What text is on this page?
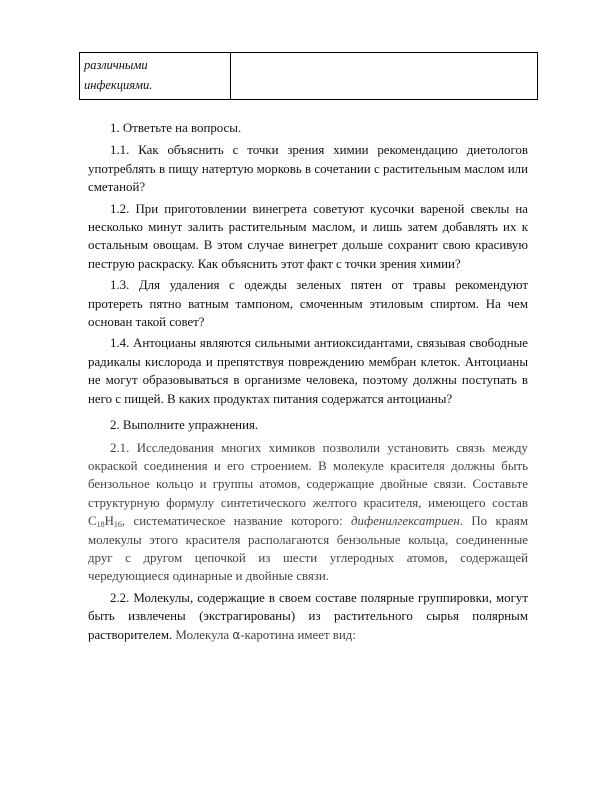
различными
инфекциями.

1. Ответьте на вопросы.

1.1. Как объяснить с точки зрения химии рекомендацию диетологов употреблять в пищу натертую морковь в сочетании с растительным маслом или сметаной?

1.2. При приготовлении винегрета советуют кусочки вареной свеклы на несколько минут залить растительным маслом, и лишь затем добавлять их к остальным овощам. В этом случае винегрет дольше сохранит свою красивую пеструю раскраску. Как объяснить этот факт с точки зрения химии?

1.3. Для удаления с одежды зеленых пятен от травы рекомендуют протереть пятно ватным тампоном, смоченным этиловым спиртом. На чем основан такой совет?

1.4. Антоцианы являются сильными антиоксидантами, связывая свободные радикалы кислорода и препятствуя повреждению мембран клеток. Антоцианы не могут образовываться в организме человека, поэтому должны поступать в него с пищей. В каких продуктах питания содержатся антоцианы?

2. Выполните упражнения.

2.1. Исследования многих химиков позволили установить связь между окраской соединения и его строением. В молекуле красителя должны быть бензольное кольцо и группы атомов, содержащие двойные связи. Составьте структурную формулу синтетического желтого красителя, имеющего состав $C_{18}H_{16}$, систематическое название которого: дифенилгексатриен. По краям молекулы этого красителя располагаются бензольные кольца, соединенные друг с другом цепочкой из шести углеродных атомов, содержащей чередующиеся одинарные и двойные связи.

2.2. Молекулы, содержащие в своем составе полярные группировки, могут быть извлечены (экстрагированы) из растительного сырья полярным растворителем. Молекула α-каротина имеет вид:
